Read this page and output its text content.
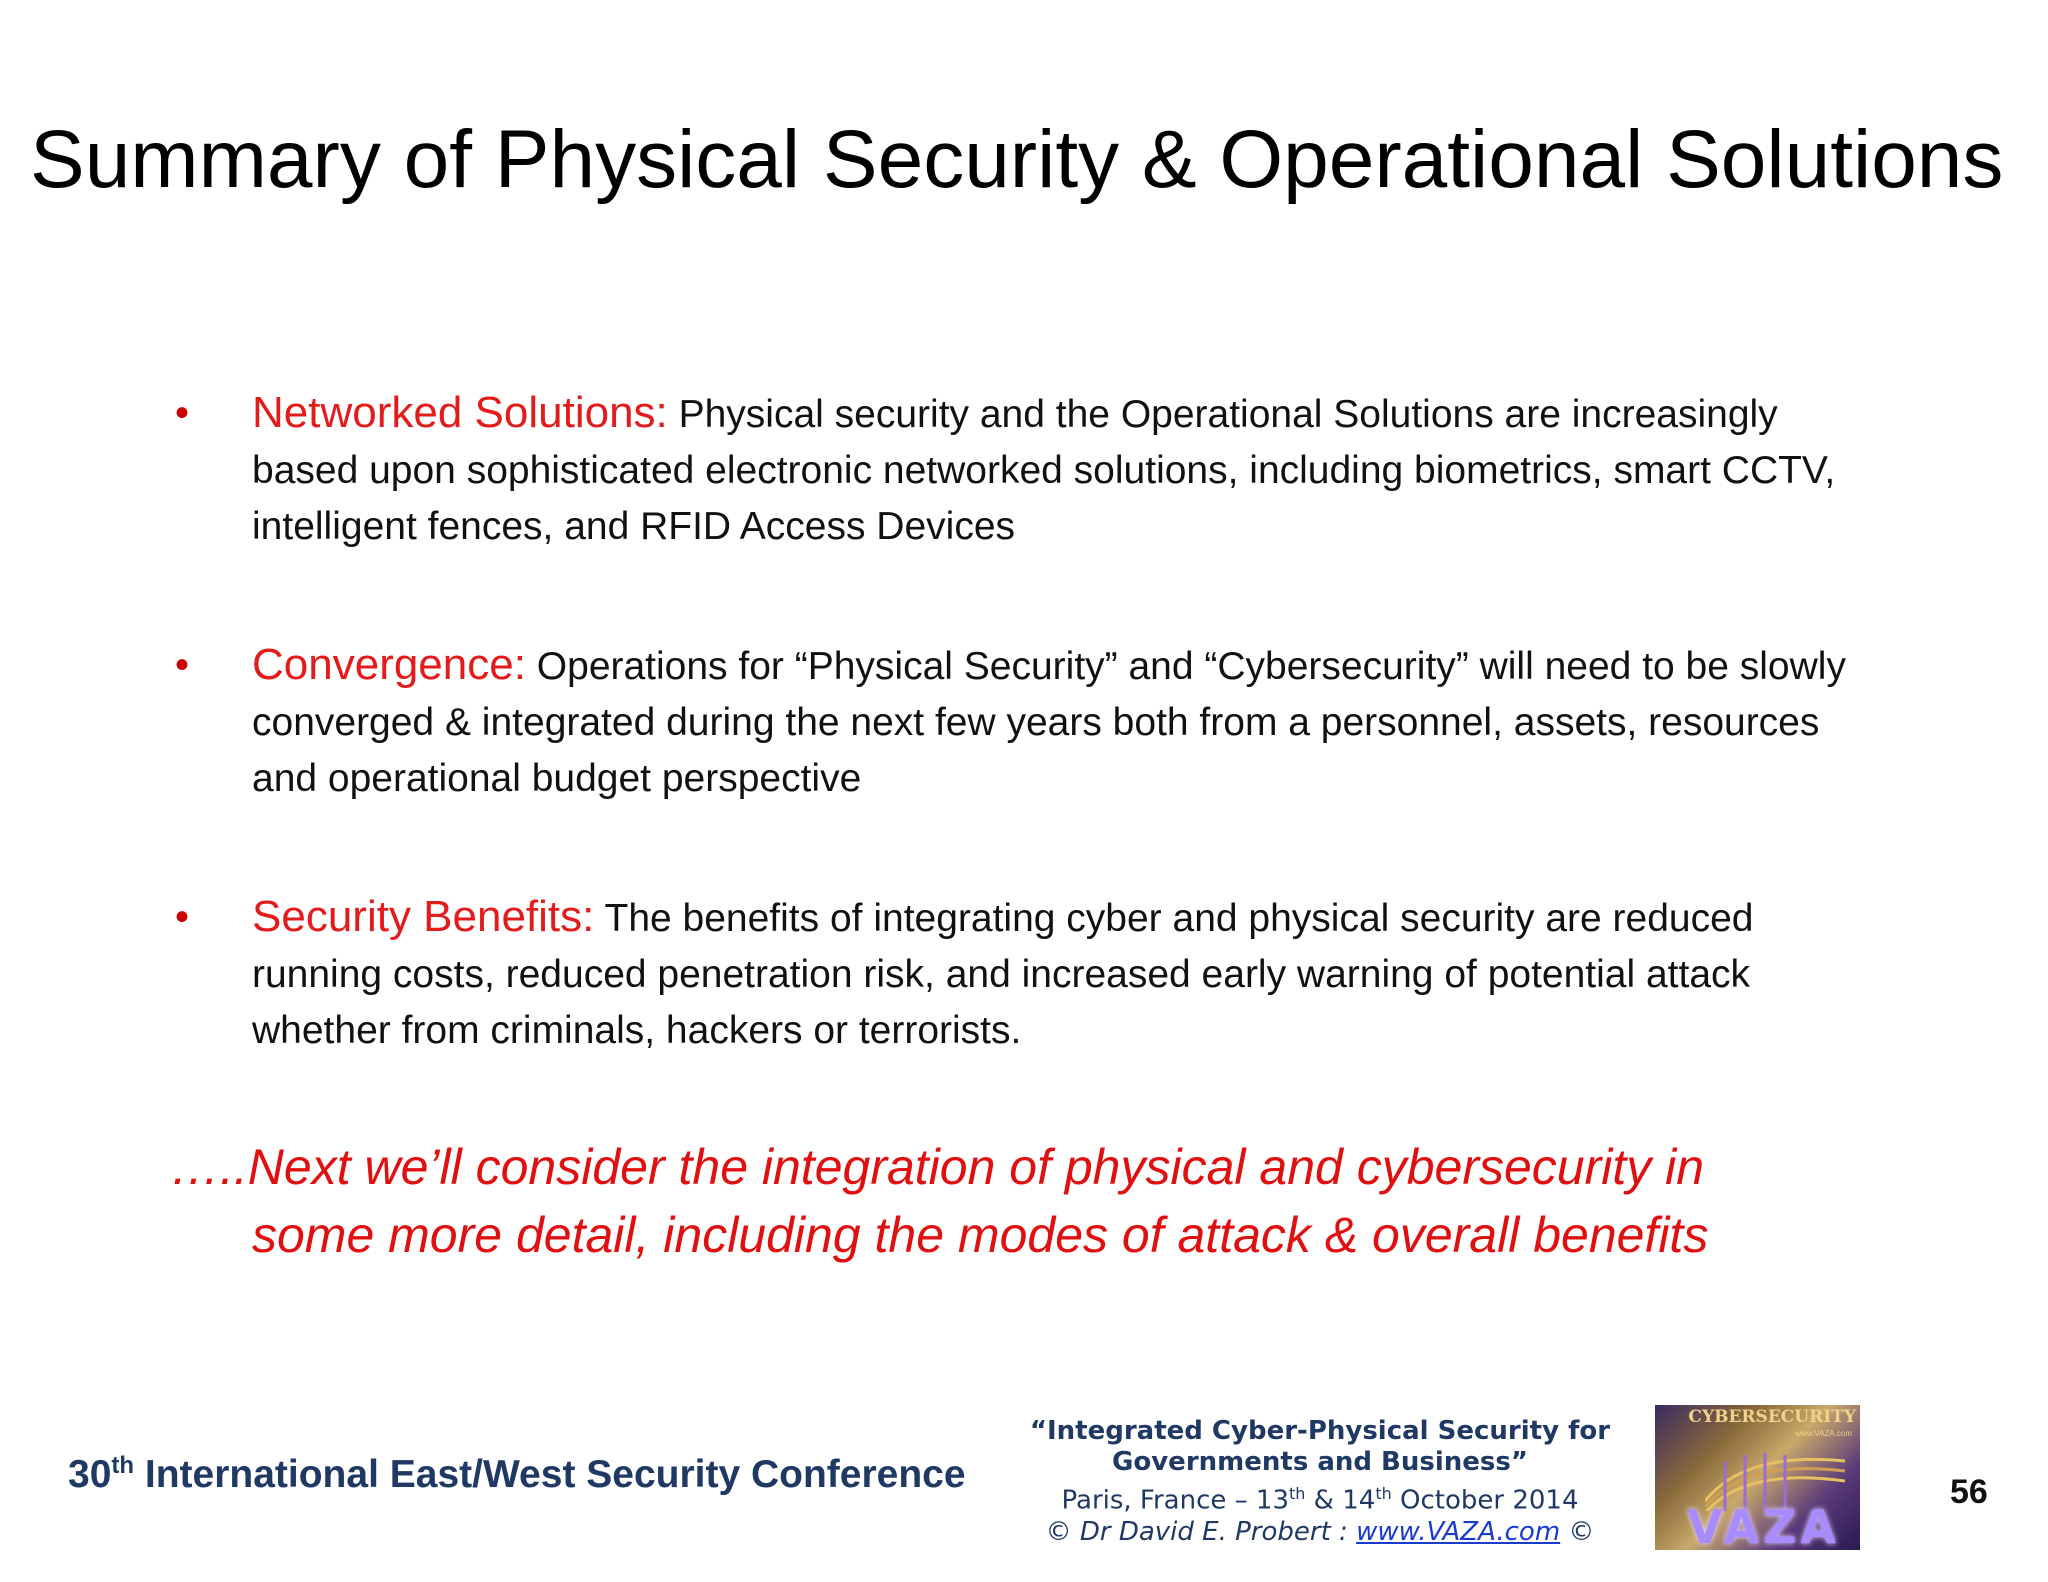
Summary of Physical Security & Operational Solutions
• Networked Solutions: Physical security and the Operational Solutions are increasingly based upon sophisticated electronic networked solutions, including biometrics, smart CCTV, intelligent fences, and RFID Access Devices
• Convergence: Operations for “Physical Security” and “Cybersecurity” will need to be slowly converged & integrated during the next few years both from a personnel, assets, resources and operational budget perspective
• Security Benefits: The benefits of integrating cyber and physical security are reduced running costs, reduced penetration risk, and increased early warning of potential attack whether from criminals, hackers or terrorists.
…..Next we’ll consider the integration of physical and cybersecurity in
some more detail, including the modes of attack & overall benefits
30th International East/West Security Conference
“Integrated Cyber-Physical Security for
Governments and Business”
Paris, France – 13th & 14th October 2014
© Dr David E. Probert : www.VAZA.com ©
CYBERSECURITY
www.VAZA.com
VAZA
56
